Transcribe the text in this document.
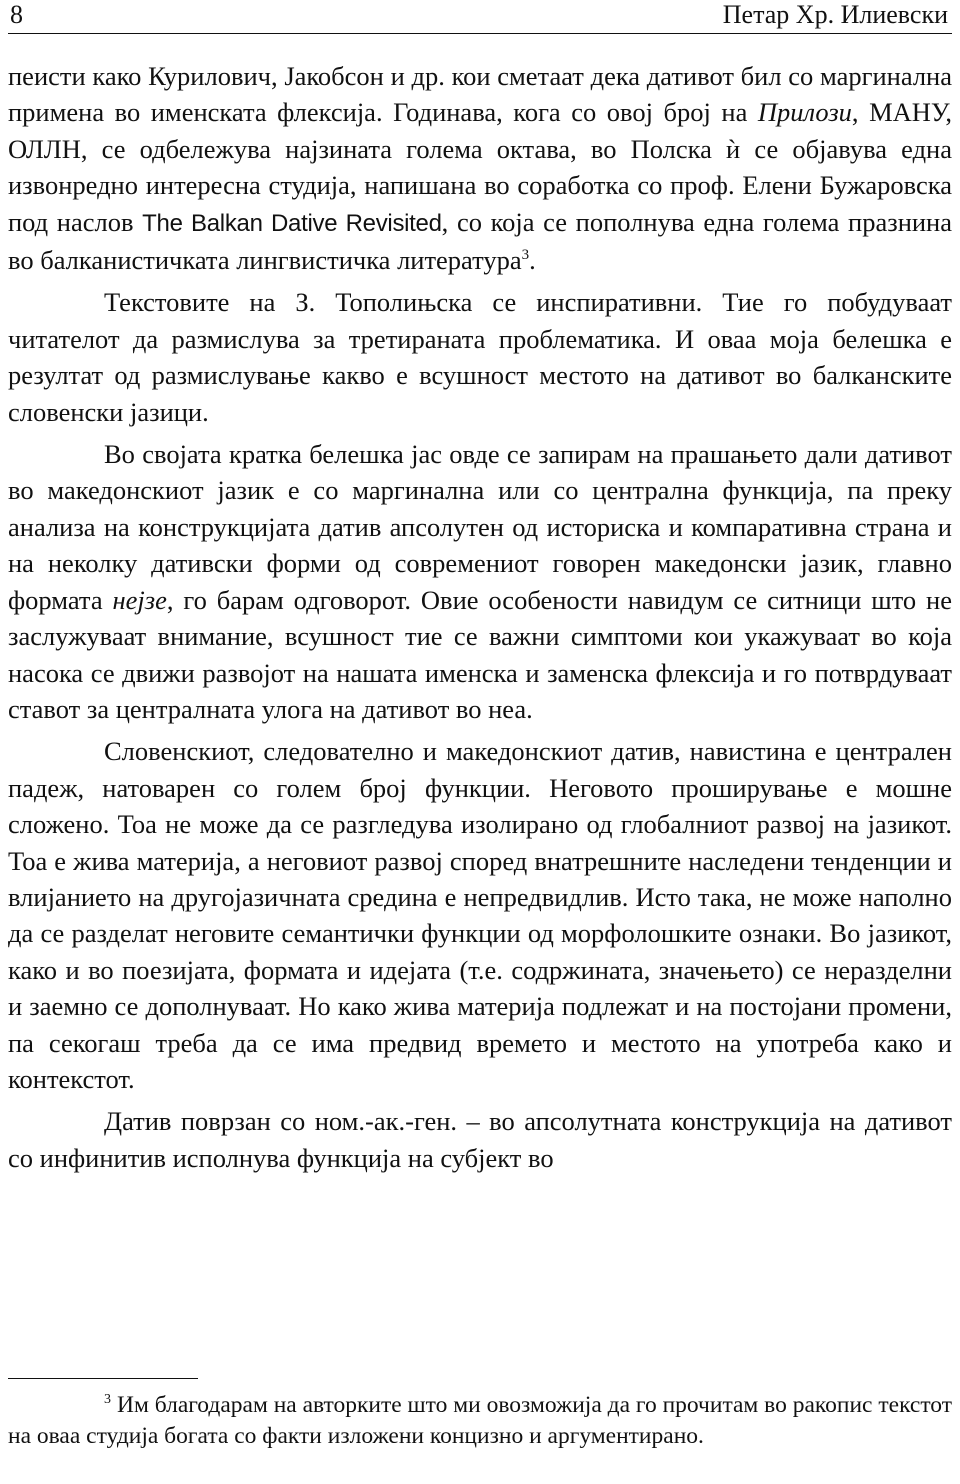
8	Петар Хр. Илиевски

пеисти како Курилович, Јакобсон и др. кои сметаат дека дативот бил со маргинална примена во именската флексија. Годинава, кога со овој број на Прилози, МАНУ, ОЛЛН, се одбележува најзината голема октава, во Полска ѝ се објавува една извонредно интересна студија, напишана во соработка со проф. Елени Бужаровска под наслов The Balkan Dative Revisited, со која се пополнува една голема празнина во балканистичката лингвистичка литература$^3$.

Текстовите на З. Тополињска се инспиративни. Тие го побудуваат читателот да размислува за третираната проблематика. И оваа моја белешка е резултат од размислување какво е всушност местото на дативот во балканските словенски јазици.

Во својата кратка белешка јас овде се запирам на прашањето дали дативот во македонскиот јазик е со маргинална или со централна функција, па преку анализа на конструкцијата датив апсолутен од историска и компаративна страна и на неколку дативски форми од современиот говорен македонски јазик, главно формата нејзе, го барам одговорот. Овие особености навидум се ситници што не заслужуваат внимание, всушност тие се важни симптоми кои укажуваат во која насока се движи развојот на нашата именска и заменска флексија и го потврдуваат ставот за централната улога на дативот во неа.

Словенскиот, следователно и македонскиот датив, навистина е централен падеж, натоварен со голем број функции. Неговото проширување е мошне сложено. Тоа не може да се разгледува изолирано од глобалниот развој на јазикот. Тоа е жива материја, а неговиот развој според внатрешните наследени тенденции и влијанието на другојазичната средина е непредвидлив. Исто така, не може наполно да се разделат неговите семантички функции од морфолошките ознаки. Во јазикот, како и во поезијата, формата и идејата (т.е. содржината, значењето) се неразделни и заемно се дополнуваат. Но како жива материја подлежат и на постојани промени, па секогаш треба да се има предвид времето и местото на употреба како и контекстот.

Датив поврзан со ном.-ак.-ген. – во апсолутната конструкција на дативот со инфинитив исполнува функција на субјект во

$^3$ Им благодарам на авторките што ми овозможија да го прочитам во ракопис текстот на оваа студија богата со факти изложени концизно и аргументирано.
